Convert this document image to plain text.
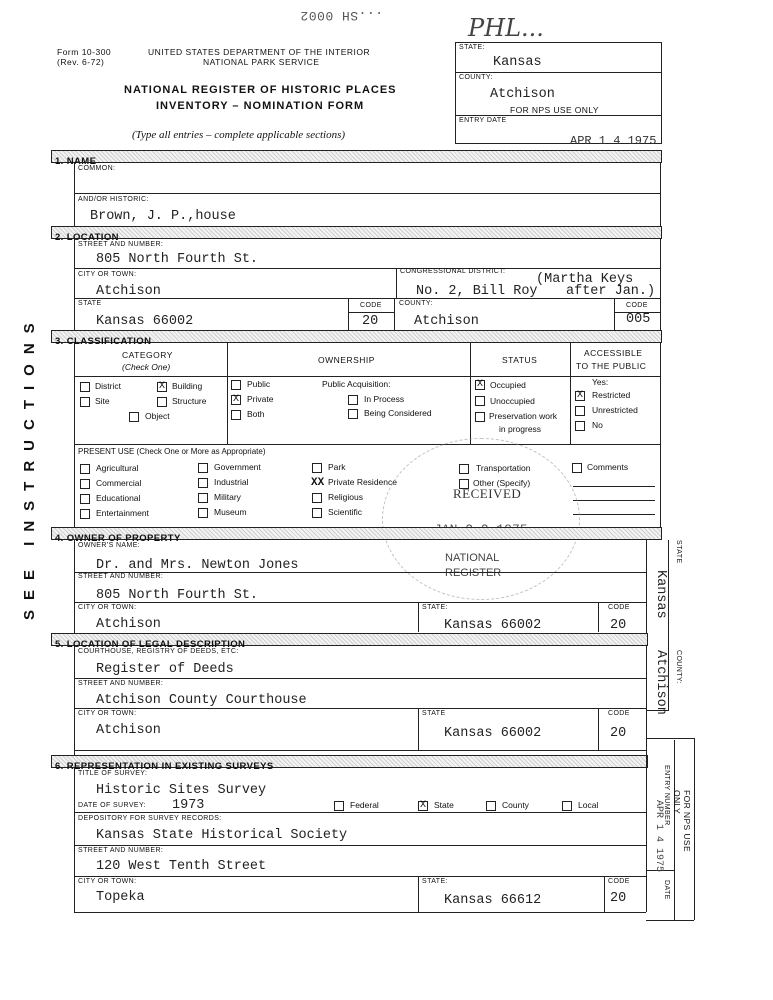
...SH 0002	PHL...
Form 10-300
(Rev. 6-72)
UNITED STATES DEPARTMENT OF THE INTERIOR
NATIONAL PARK SERVICE
NATIONAL REGISTER OF HISTORIC PLACES
INVENTORY – NOMINATION FORM
(Type all entries – complete applicable sections)
STATE:
Kansas
COUNTY:
Atchison
FOR NPS USE ONLY
ENTRY DATE
APR 1 4 1975
SEE INSTRUCTIONS
1. NAME
COMMON:
AND/OR HISTORIC:
Brown, J. P.,house
2. LOCATION
STREET AND NUMBER:
805 North Fourth St.
CITY OR TOWN:
Atchison
CONGRESSIONAL DISTRICT:
(Martha Keys
No. 2, Bill Roy after Jan.)
STATE
Kansas 66002
CODE
20
COUNTY:
Atchison
CODE
005
3. CLASSIFICATION
CATEGORY
(Check One)
OWNERSHIP	STATUS
ACCESSIBLE
TO THE PUBLIC
District	X Building
Site	Structure
Object
Public
X Private
Both
Public Acquisition:
In Process
Being Considered
X Occupied
Unoccupied
Preservation work
in progress
Yes:
X Restricted
Unrestricted
No
PRESENT USE (Check One or More as Appropriate)
Agricultural
Commercial
Educational
Entertainment
Government
Industrial
Military
Museum
Park
XX Private Residence
Religious
Scientific
Transportation
Other (Specify)
Comments
RECEIVED
NATIONAL
REGISTER
4. OWNER OF PROPERTY
OWNER'S NAME:
Dr. and Mrs. Newton Jones
STREET AND NUMBER:
805 North Fourth St.
CITY OR TOWN:
Atchison
STATE:
Kansas 66002
CODE
20
STATE
Kansas
5. LOCATION OF LEGAL DESCRIPTION
COURTHOUSE, REGISTRY OF DEEDS, ETC:
Register of Deeds
STREET AND NUMBER:
Atchison County Courthouse
CITY OR TOWN:
Atchison
STATE
Kansas 66002
CODE
20
COUNTY:
Atchison
6. REPRESENTATION IN EXISTING SURVEYS
TITLE OF SURVEY:
Historic Sites Survey
DATE OF SURVEY: 1973	Federal	X State	County	Local
DEPOSITORY FOR SURVEY RECORDS:
Kansas State Historical Society
STREET AND NUMBER:
120 West Tenth Street
CITY OR TOWN:
Topeka
STATE:
Kansas 66612
CODE
20
ENTRY NUMBER
DATE
FOR NPS USE ONLY
APR 1 4 1975
